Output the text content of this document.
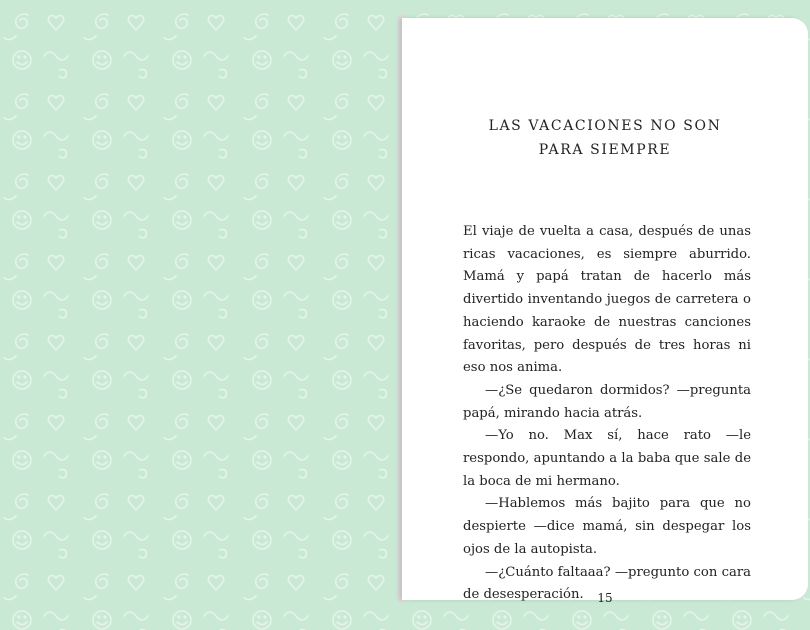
LAS VACACIONES NO SON
PARA SIEMPRE

El viaje de vuelta a casa, después de unas ricas vacaciones, es siempre aburrido. Mamá y papá tratan de hacerlo más divertido inventando juegos de carretera o haciendo karaoke de nuestras canciones favoritas, pero después de tres horas ni eso nos anima.

—¿Se quedaron dormidos? —pregunta papá, mirando hacia atrás.

—Yo no. Max sí, hace rato —le respondo, apuntando a la baba que sale de la boca de mi hermano.

—Hablemos más bajito para que no despierte —dice mamá, sin despegar los ojos de la autopista.

—¿Cuánto faltaaa? —pregunto con cara de desesperación.	15
